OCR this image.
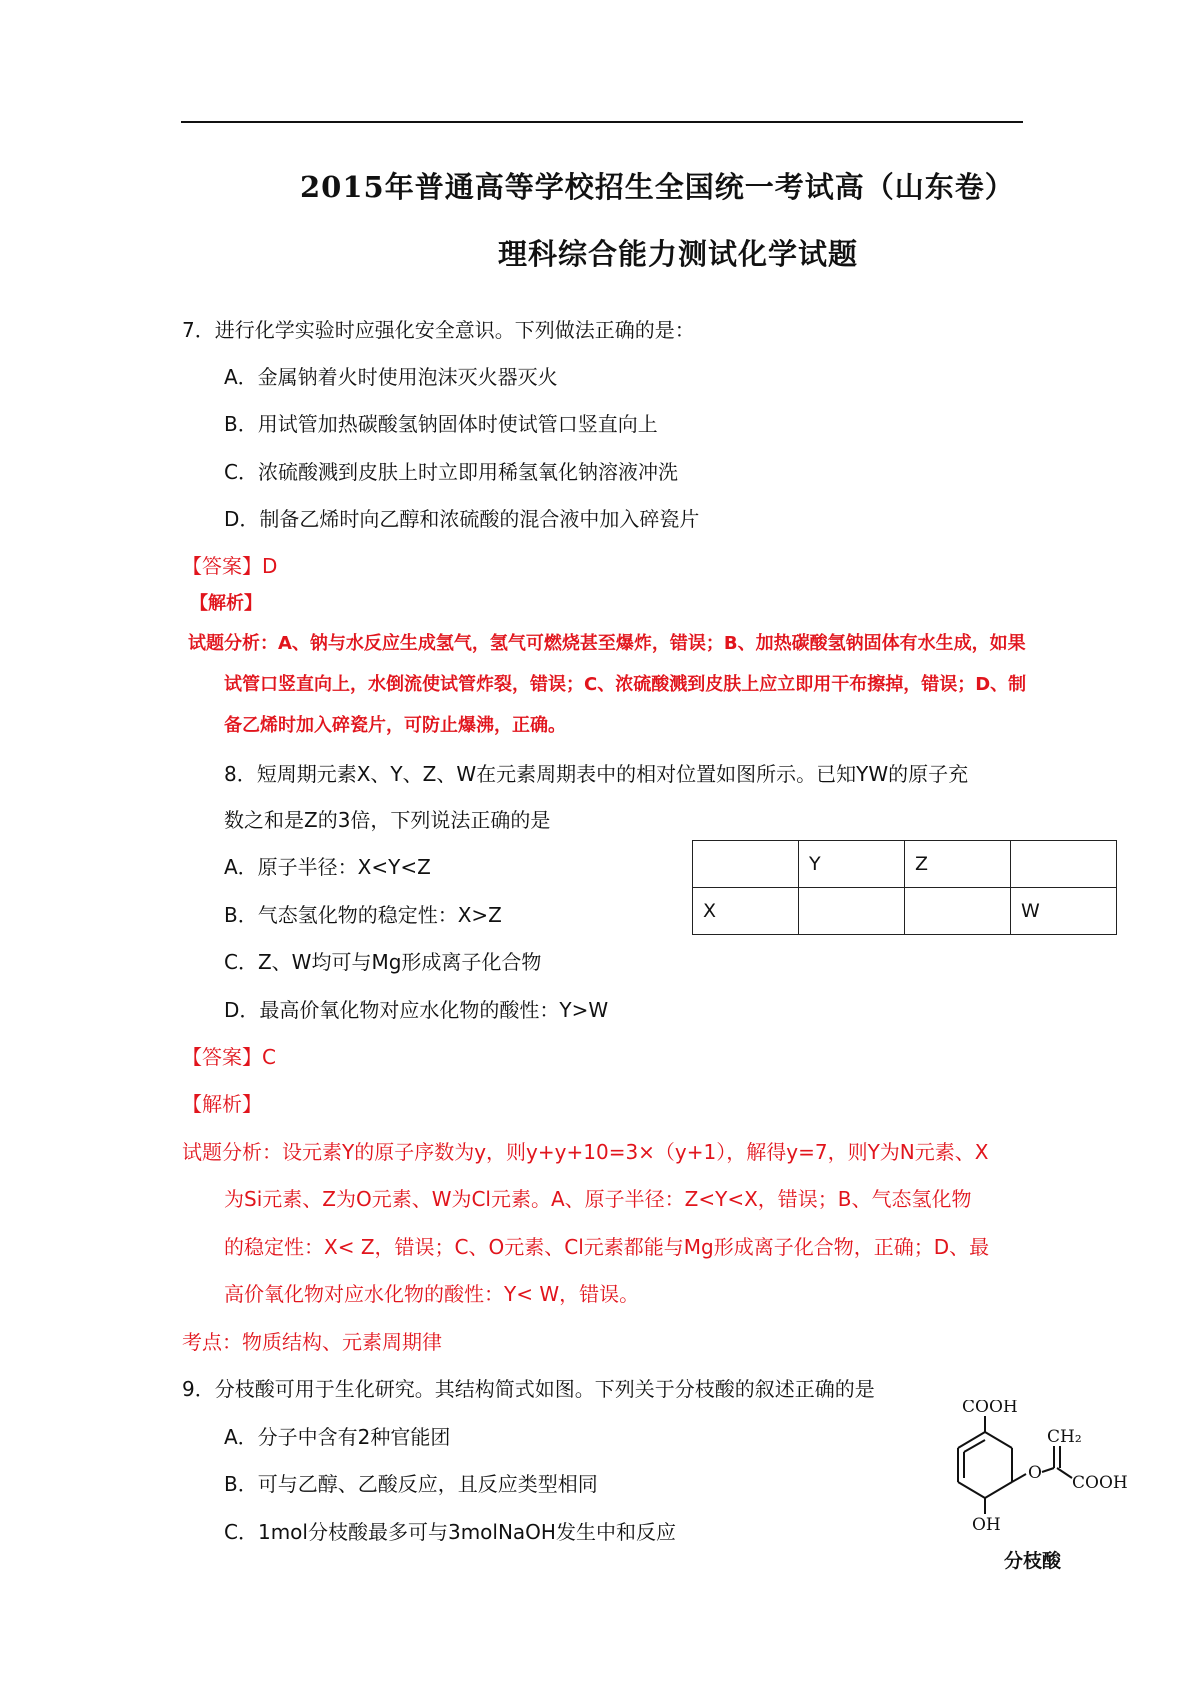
2015年普通高等学校招生全国统一考试高（山东卷）
理科综合能力测试化学试题
7．进行化学实验时应强化安全意识。下列做法正确的是：
A．金属钠着火时使用泡沫灭火器灭火
B．用试管加热碳酸氢钠固体时使试管口竖直向上
C．浓硫酸溅到皮肤上时立即用稀氢氧化钠溶液冲洗
D．制备乙烯时向乙醇和浓硫酸的混合液中加入碎瓷片
【答案】D
【解析】
试题分析：A、钠与水反应生成氢气，氢气可燃烧甚至爆炸，错误；B、加热碳酸氢钠固体有水生成，如果
试管口竖直向上，水倒流使试管炸裂，错误；C、浓硫酸溅到皮肤上应立即用干布擦掉，错误；D、制
备乙烯时加入碎瓷片，可防止爆沸，正确。
8．短周期元素X、Y、Z、W在元素周期表中的相对位置如图所示。已知YW的原子充
数之和是Z的3倍，下列说法正确的是
A．原子半径：X<Y<Z
B．气态氢化物的稳定性：X>Z
C．Z、W均可与Mg形成离子化合物
D．最高价氧化物对应水化物的酸性：Y>W
	Y	Z	
X			W
【答案】C
【解析】
试题分析：设元素Y的原子序数为y，则y+y+10=3×（y+1），解得y=7，则Y为N元素、X
为Si元素、Z为O元素、W为Cl元素。A、原子半径：Z<Y<X，错误；B、气态氢化物
的稳定性：X< Z，错误；C、O元素、Cl元素都能与Mg形成离子化合物，正确；D、最
高价氧化物对应水化物的酸性：Y< W，错误。
考点：物质结构、元素周期律
9．分枝酸可用于生化研究。其结构简式如图。下列关于分枝酸的叙述正确的是
A．分子中含有2种官能团
B．可与乙醇、乙酸反应，且反应类型相同
C．1mol分枝酸最多可与3molNaOH发生中和反应
COOH
CH₂
O COOH
OH
分枝酸
